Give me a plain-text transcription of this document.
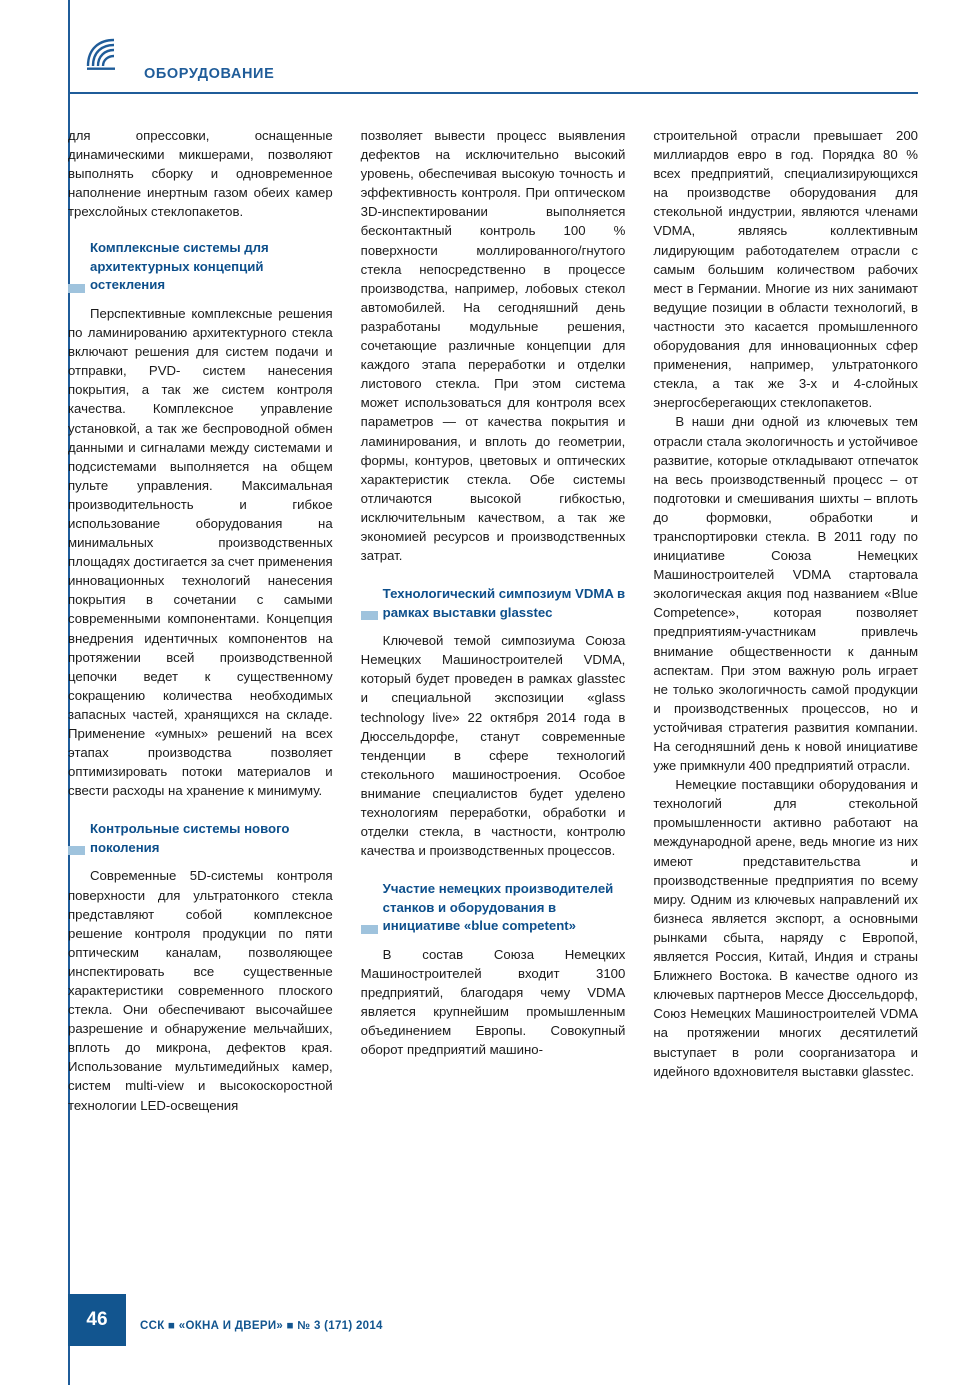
ОБОРУДОВАНИЕ

для опрессовки, оснащенные динамическими микшерами, позволяют выполнять сборку и одновременное наполнение инертным газом обеих камер трехслойных стеклопакетов.

Комплексные системы для архитектурных концепций остекления

Перспективные комплексные решения по ламинированию архитектурного стекла включают решения для систем подачи и отправки, PVD- систем нанесения покрытия, а так же систем контроля качества. Комплексное управление установкой, а так же беспроводной обмен данными и сигналами между системами и подсистемами выполняется на общем пульте управления. Максимальная производительность и гибкое использование оборудования на минимальных производственных площадях достигается за счет применения инновационных технологий нанесения покрытия в сочетании с самыми современными компонентами. Концепция внедрения идентичных компонентов на протяжении всей производственной цепочки ведет к существенному сокращению количества необходимых запасных частей, хранящихся на складе. Применение «умных» решений на всех этапах производства позволяет оптимизировать потоки материалов и свести расходы на хранение к минимуму.

Контрольные системы нового поколения

Современные 5D-системы контроля поверхности для ультратонкого стекла представляют собой комплексное решение контроля продукции по пяти оптическим каналам, позволяющее инспектировать все существенные характеристики современного плоского стекла. Они обеспечивают высочайшее разрешение и обнаружение мельчайших, вплоть до микрона, дефектов края. Использование мультимедийных камер, систем multi-view и высокоскоростной технологии LED-освещения

позволяет вывести процесс выявления дефектов на исключительно высокий уровень, обеспечивая высокую точность и эффективность контроля. При оптическом 3D-инспектировании выполняется бесконтактный контроль 100 % поверхности моллированного/гнутого стекла непосредственно в процессе производства, например, лобовых стекол автомобилей. На сегодняшний день разработаны модульные решения, сочетающие различные концепции для каждого этапа переработки и отделки листового стекла. При этом система может использоваться для контроля всех параметров — от качества покрытия и ламинирования, и вплоть до геометрии, формы, контуров, цветовых и оптических характеристик стекла. Обе системы отличаются высокой гибкостью, исключительным качеством, а так же экономией ресурсов и производственных затрат.

Технологический симпозиум VDMA в рамках выставки glasstec

Ключевой темой симпозиума Союза Немецких Машиностроителей VDMA, который будет проведен в рамках glasstec и специальной экспозиции «glass technology live» 22 октября 2014 года в Дюссельдорфе, станут современные тенденции в сфере технологий стекольного машиностроения. Особое внимание специалистов будет уделено технологиям переработки, обработки и отделки стекла, в частности, контролю качества и производственных процессов.

Участие немецких производителей станков и оборудования в инициативе «blue competent»

В состав Союза Немецких Машиностроителей входит 3100 предприятий, благодаря чему VDMA является крупнейшим промышленным объединением Европы. Совокупный оборот предприятий машино-

строительной отрасли превышает 200 миллиардов евро в год. Порядка 80 % всех предприятий, специализирующихся на производстве оборудования для стекольной индустрии, являются членами VDMA, являясь коллективным лидирующим работодателем отрасли с самым большим количеством рабочих мест в Германии. Многие из них занимают ведущие позиции в области технологий, в частности это касается промышленного оборудования для инновационных сфер применения, например, ультратонкого стекла, а так же 3-х и 4-слойных энергосберегающих стеклопакетов.

В наши дни одной из ключевых тем отрасли стала экологичность и устойчивое развитие, которые откладывают отпечаток на весь производственный процесс – от подготовки и смешивания шихты – вплоть до формовки, обработки и транспортировки стекла. В 2011 году по инициативе Союза Немецких Машиностроителей VDMA стартовала экологическая акция под названием «Blue Competence», которая позволяет предприятиям-участникам привлечь внимание общественности к данным аспектам. При этом важную роль играет не только экологичность самой продукции и производственных процессов, но и устойчивая стратегия развития компании. На сегодняшний день к новой инициативе уже примкнули 400 предприятий отрасли.

Немецкие поставщики оборудования и технологий для стекольной промышленности активно работают на международной арене, ведь многие из них имеют представительства и производственные предприятия по всему миру. Одним из ключевых направлений их бизнеса является экспорт, а основными рынками сбыта, наряду с Европой, является Россия, Китай, Индия и страны Ближнего Востока. В качестве одного из ключевых партнеров Мессе Дюссельдорф, Союз Немецких Машиностроителей VDMA на протяжении многих десятилетий выступает в роли соорганизатора и идейного вдохновителя выставки glasstec.

46	ССК ■ «ОКНА И ДВЕРИ» ■ № 3 (171) 2014
